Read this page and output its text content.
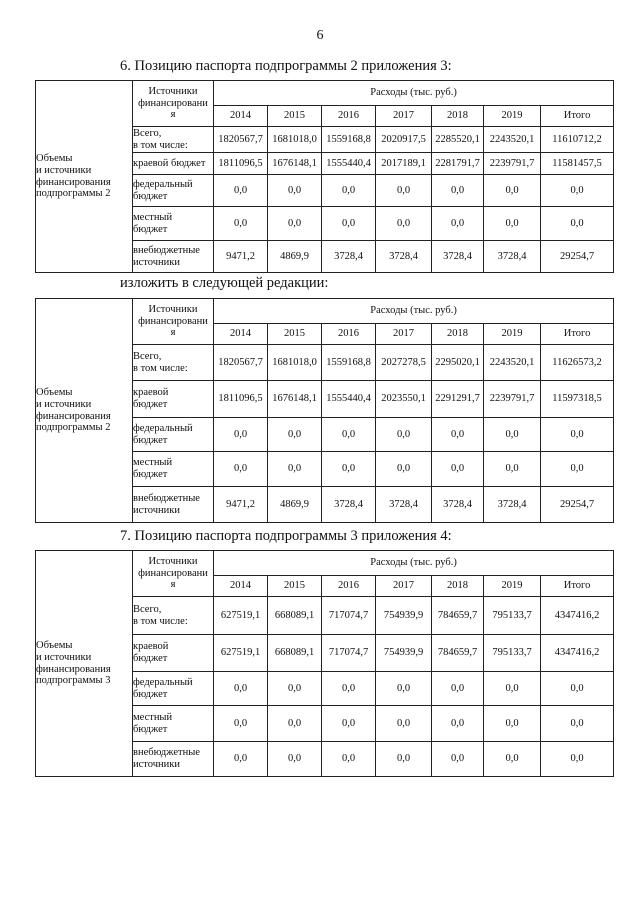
6
6. Позицию паспорта подпрограммы 2 приложения 3:
Объемы
и источники
финансирования
подпрограммы 2	Источники
финансировани
я	Расходы (тыс. руб.)						
		2014	2015	2016	2017	2018	2019	Итого
	Всего,
в том числе:	1820567,7	1681018,0	1559168,8	2020917,5	2285520,1	2243520,1	11610712,2
	краевой бюджет	1811096,5	1676148,1	1555440,4	2017189,1	2281791,7	2239791,7	11581457,5
	федеральный
бюджет	0,0	0,0	0,0	0,0	0,0	0,0	0,0
	местный
бюджет	0,0	0,0	0,0	0,0	0,0	0,0	0,0
	внебюджетные
источники	9471,2	4869,9	3728,4	3728,4	3728,4	3728,4	29254,7
изложить в следующей редакции:
Объемы
и источники
финансирования
подпрограммы 2	Источники
финансировани
я	Расходы (тыс. руб.)						
		2014	2015	2016	2017	2018	2019	Итого
	Всего,
в том числе:	1820567,7	1681018,0	1559168,8	2027278,5	2295020,1	2243520,1	11626573,2
	краевой
бюджет	1811096,5	1676148,1	1555440,4	2023550,1	2291291,7	2239791,7	11597318,5
	федеральный
бюджет	0,0	0,0	0,0	0,0	0,0	0,0	0,0
	местный
бюджет	0,0	0,0	0,0	0,0	0,0	0,0	0,0
	внебюджетные
источники	9471,2	4869,9	3728,4	3728,4	3728,4	3728,4	29254,7
7. Позицию паспорта подпрограммы 3 приложения 4:
Объемы
и источники
финансирования
подпрограммы 3	Источники
финансировани
я	Расходы (тыс. руб.)						
		2014	2015	2016	2017	2018	2019	Итого
	Всего,
в том числе:	627519,1	668089,1	717074,7	754939,9	784659,7	795133,7	4347416,2
	краевой
бюджет	627519,1	668089,1	717074,7	754939,9	784659,7	795133,7	4347416,2
	федеральный
бюджет	0,0	0,0	0,0	0,0	0,0	0,0	0,0
	местный
бюджет	0,0	0,0	0,0	0,0	0,0	0,0	0,0
	внебюджетные
источники	0,0	0,0	0,0	0,0	0,0	0,0	0,0
